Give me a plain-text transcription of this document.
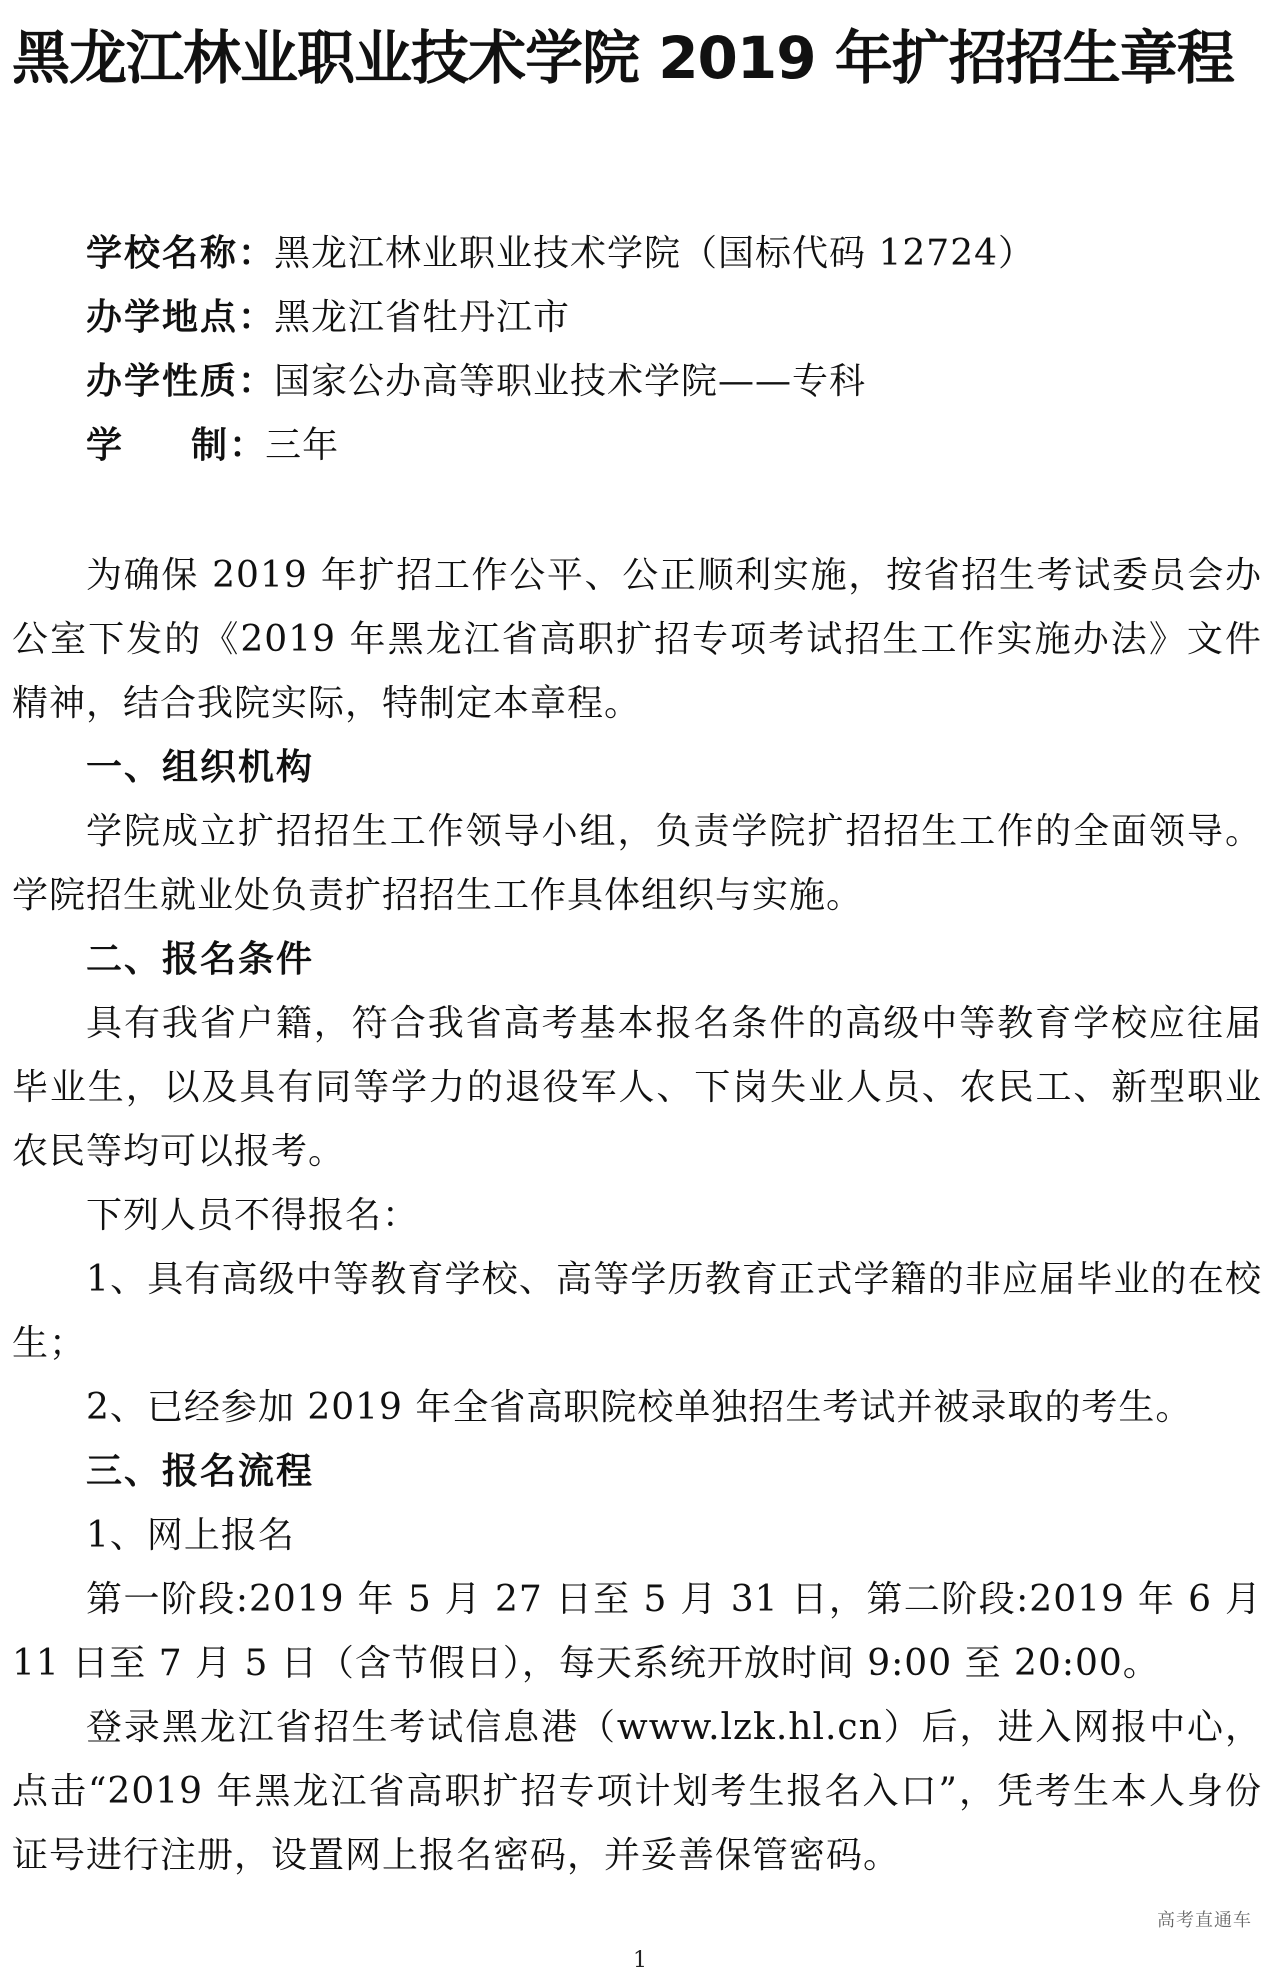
黑龙江林业职业技术学院 2019 年扩招招生章程
学校名称 ： 黑龙江林业职业技术学院（国标代码 12724）
办学地点 ： 黑龙江省牡丹江市
办学性质 ： 国家公办高等职业技术学院——专科
学 　 制 ： 三年

为确保 2019 年扩招工作公平、公正顺利实施，按省招生考试委员会办公室下发的《2019 年黑龙江省高职扩招专项考试招生工作实施办法》文件精神，结合我院实际，特制定本章程。

一、组织机构

学院成立扩招招生工作领导小组，负责学院扩招招生工作的全面领导。学院招生就业处负责扩招招生工作具体组织与实施。

二、报名条件

具有我省户籍，符合我省高考基本报名条件的高级中等教育学校应往届毕业生，以及具有同等学力的退役军人、下岗失业人员、农民工、新型职业农民等均可以报考。

下列人员不得报名：

1、具有高级中等教育学校、高等学历教育正式学籍的非应届毕业的在校生；

2、已经参加 2019 年全省高职院校单独招生考试并被录取的考生。

三、报名流程

1、网上报名

第一阶段:2019 年 5 月 27 日至 5 月 31 日，第二阶段:2019 年 6 月 11 日至 7 月 5 日（含节假日），每天系统开放时间 9:00 至 20:00。

登录黑龙江省招生考试信息港（www.lzk.hl.cn）后，进入网报中心，点击“2019 年黑龙江省高职扩招专项计划考生报名入口”，凭考生本人身份证号进行注册，设置网上报名密码，并妥善保管密码。

高考直通车
1
